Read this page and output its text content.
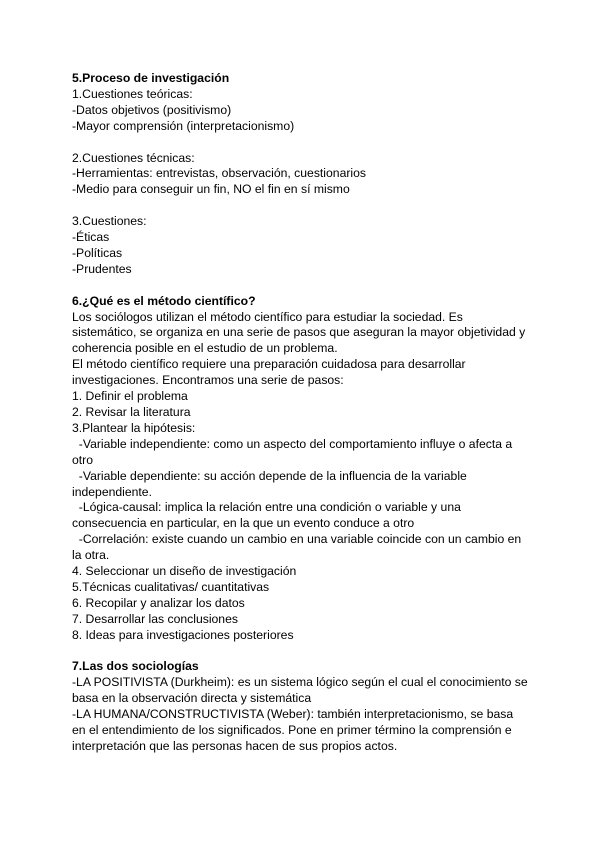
5.Proceso de investigación
1.Cuestiones teóricas:
-Datos objetivos (positivismo)
-Mayor comprensión (interpretacionismo)
2.Cuestiones técnicas:
-Herramientas: entrevistas, observación, cuestionarios
-Medio para conseguir un fin, NO el fin en sí mismo
3.Cuestiones:
-Éticas
-Políticas
-Prudentes
6.¿Qué es el método científico?
Los sociólogos utilizan el método científico para estudiar la sociedad. Es
sistemático, se organiza en una serie de pasos que aseguran la mayor objetividad y
coherencia posible en el estudio de un problema.
El método científico requiere una preparación cuidadosa para desarrollar
investigaciones. Encontramos una serie de pasos:
1. Definir el problema
2. Revisar la literatura
3.Plantear la hipótesis:
-Variable independiente: como un aspecto del comportamiento influye o afecta a
otro
-Variable dependiente: su acción depende de la influencia de la variable
independiente.
-Lógica-causal: implica la relación entre una condición o variable y una
consecuencia en particular, en la que un evento conduce a otro
-Correlación: existe cuando un cambio en una variable coincide con un cambio en
la otra.
4. Seleccionar un diseño de investigación
5.Técnicas cualitativas/ cuantitativas
6. Recopilar y analizar los datos
7. Desarrollar las conclusiones
8. Ideas para investigaciones posteriores
7.Las dos sociologías
-LA POSITIVISTA (Durkheim): es un sistema lógico según el cual el conocimiento se
basa en la observación directa y sistemática
-LA HUMANA/CONSTRUCTIVISTA (Weber): también interpretacionismo, se basa
en el entendimiento de los significados. Pone en primer término la comprensión e
interpretación que las personas hacen de sus propios actos.
